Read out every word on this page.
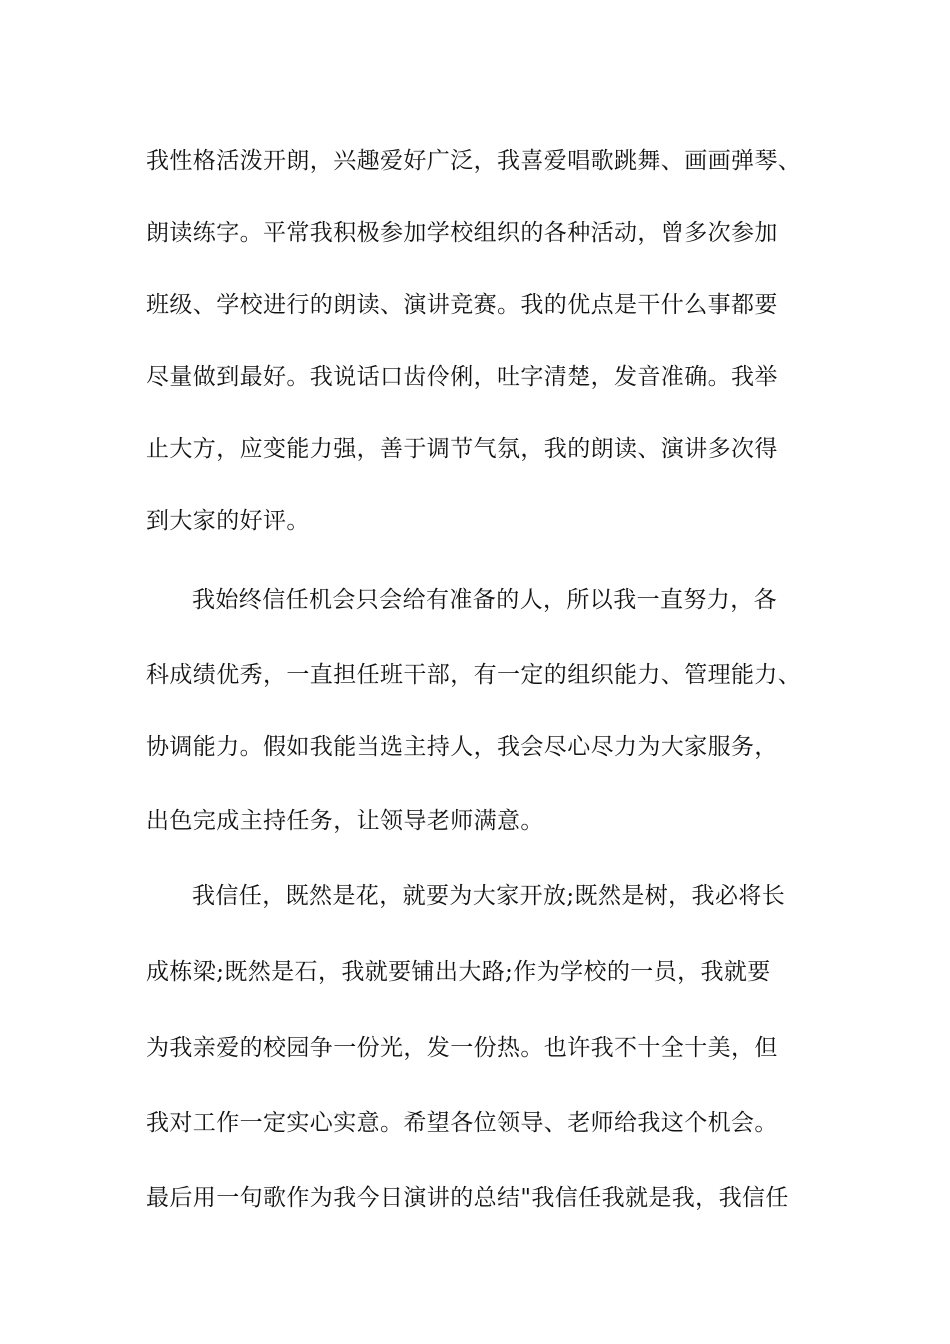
我性格活泼开朗，兴趣爱好广泛，我喜爱唱歌跳舞、画画弹琴、

朗读练字。平常我积极参加学校组织的各种活动，曾多次参加

班级、学校进行的朗读、演讲竞赛。我的优点是干什么事都要

尽量做到最好。我说话口齿伶俐，吐字清楚，发音准确。我举

止大方，应变能力强，善于调节气氛，我的朗读、演讲多次得

到大家的好评。

我始终信任机会只会给有准备的人，所以我一直努力，各

科成绩优秀，一直担任班干部，有一定的组织能力、管理能力、

协调能力。假如我能当选主持人，我会尽心尽力为大家服务，

出色完成主持任务，让领导老师满意。

我信任，既然是花，就要为大家开放;既然是树，我必将长

成栋梁;既然是石，我就要铺出大路;作为学校的一员，我就要

为我亲爱的校园争一份光，发一份热。也许我不十全十美，但

我对工作一定实心实意。希望各位领导、老师给我这个机会。

最后用一句歌作为我今日演讲的总结"我信任我就是我，我信任
